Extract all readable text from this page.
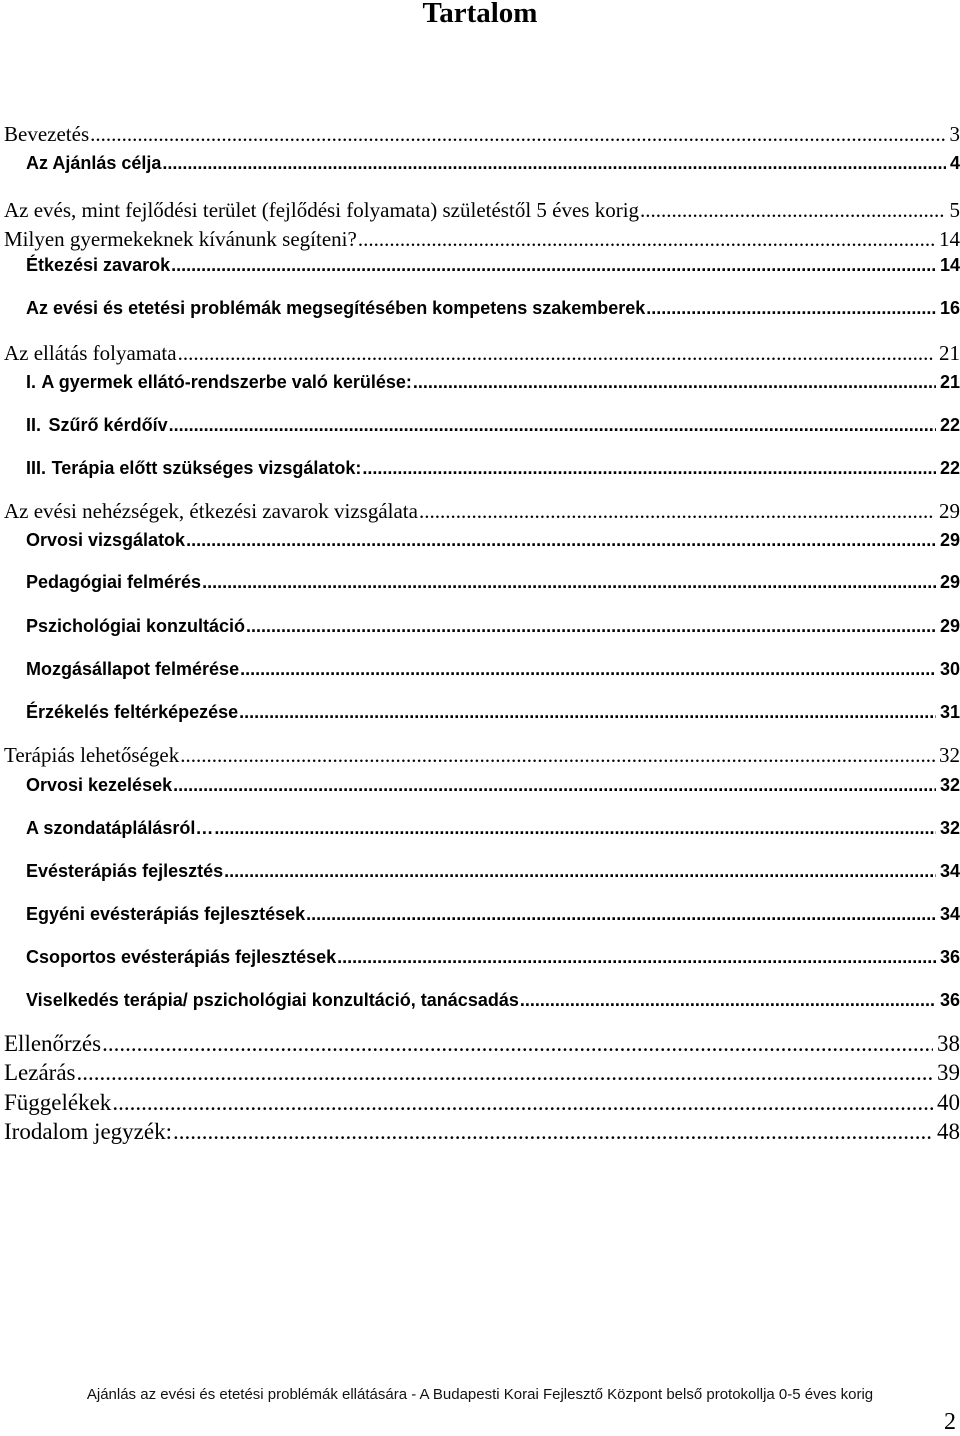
Tartalom
Bevezetés .....	3
Az Ajánlás célja .....	4
Az evés, mint fejlődési terület (fejlődési folyamata) születéstől 5 éves korig .....	5
Milyen gyermekeknek kívánunk segíteni? .....	14
Étkezési zavarok .....	14
Az evési és etetési problémák megsegítésében kompetens szakemberek .....	16
Az ellátás folyamata .....	21
I. A gyermek ellátó-rendszerbe való kerülése: .....	21
II. Szűrő kérdőív .....	22
III. Terápia előtt szükséges vizsgálatok: .....	22
Az evési nehézségek, étkezési zavarok vizsgálata .....	29
Orvosi vizsgálatok .....	29
Pedagógiai felmérés .....	29
Pszichológiai konzultáció .....	29
Mozgásállapot felmérése .....	30
Érzékelés feltérképezése .....	31
Terápiás lehetőségek .....	32
Orvosi kezelések .....	32
A szondatáplálásról… .....	32
Evésterápiás fejlesztés .....	34
Egyéni evésterápiás fejlesztések .....	34
Csoportos evésterápiás fejlesztések .....	36
Viselkedés terápia/ pszichológiai konzultáció, tanácsadás .....	36
Ellenőrzés .....	38
Lezárás .....	39
Függelékek .....	40
Irodalom jegyzék: .....	48
Ajánlás az evési és etetési problémák ellátására - A Budapesti Korai Fejlesztő Központ belső protokollja 0-5 éves korig
2
